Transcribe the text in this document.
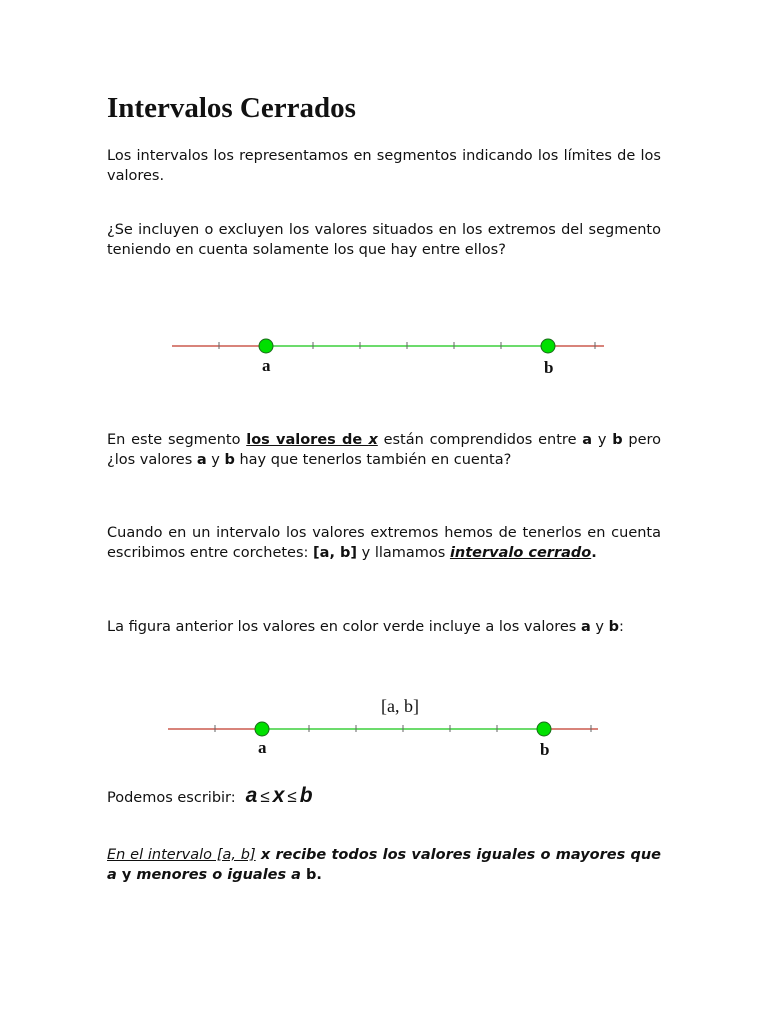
Intervalos Cerrados

Los intervalos los representamos en segmentos indicando los límites de los valores.

¿Se incluyen o excluyen los valores situados en los extremos del segmento teniendo en cuenta solamente los que hay entre ellos?

a	b

En este segmento los valores de x están comprendidos entre a y b pero ¿los valores a y b hay que tenerlos también en cuenta?

Cuando en un intervalo los valores extremos hemos de tenerlos en cuenta escribimos entre corchetes: [a, b] y llamamos intervalo cerrado.

La figura anterior los valores en color verde incluye a los valores a y b:

[a, b]
a	b

Podemos escribir: a ≤ x ≤ b

En el intervalo [a, b] x recibe todos los valores iguales o mayores que a y menores o iguales a b.
